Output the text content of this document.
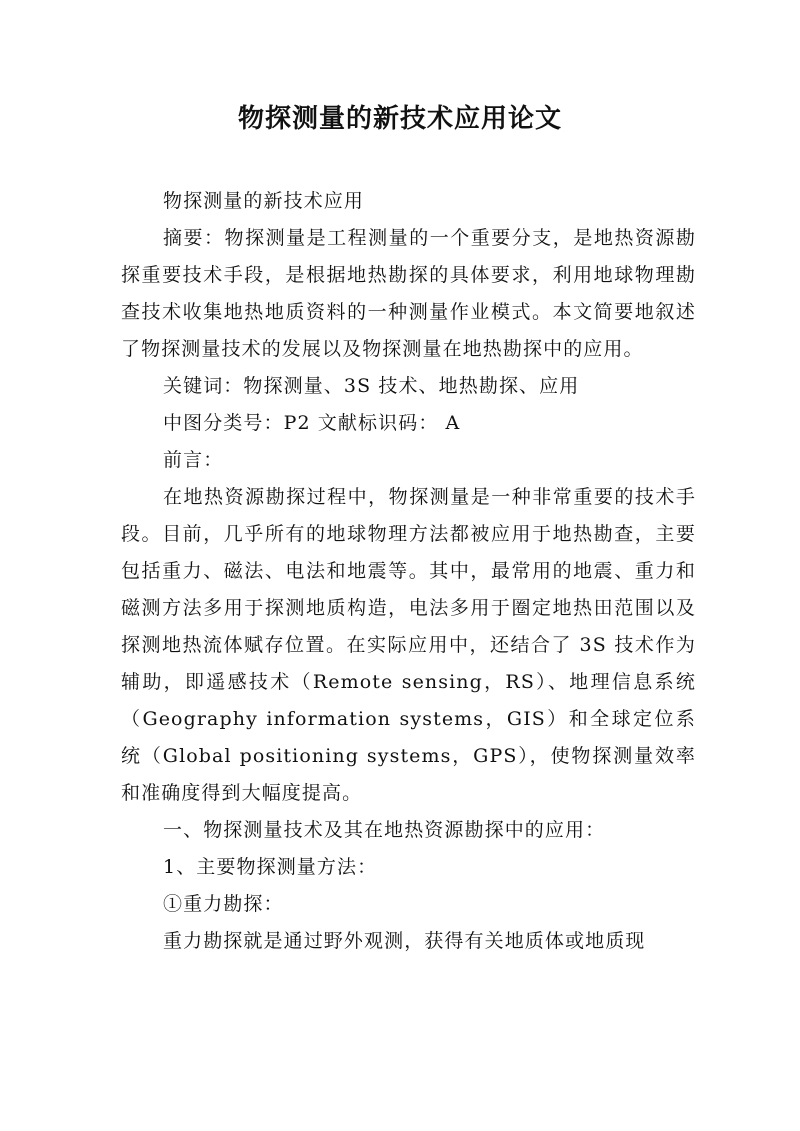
物探测量的新技术应用论文

物探测量的新技术应用

摘要：物探测量是工程测量的一个重要分支，是地热资源勘探重要技术手段，是根据地热勘探的具体要求，利用地球物理勘查技术收集地热地质资料的一种测量作业模式。本文简要地叙述了物探测量技术的发展以及物探测量在地热勘探中的应用。

关键词：物探测量、3S 技术、地热勘探、应用

中图分类号：P2 文献标识码： A

前言：

在地热资源勘探过程中，物探测量是一种非常重要的技术手段。目前，几乎所有的地球物理方法都被应用于地热勘查，主要包括重力、磁法、电法和地震等。其中，最常用的地震、重力和磁测方法多用于探测地质构造，电法多用于圈定地热田范围以及探测地热流体赋存位置。在实际应用中，还结合了 3S 技术作为辅助，即遥感技术（Remote sensing，RS）、地理信息系统（Geography information systems，GIS）和全球定位系统（Global positioning systems，GPS），使物探测量效率和准确度得到大幅度提高。

一、物探测量技术及其在地热资源勘探中的应用：

1、主要物探测量方法：

①重力勘探：

重力勘探就是通过野外观测，获得有关地质体或地质现
